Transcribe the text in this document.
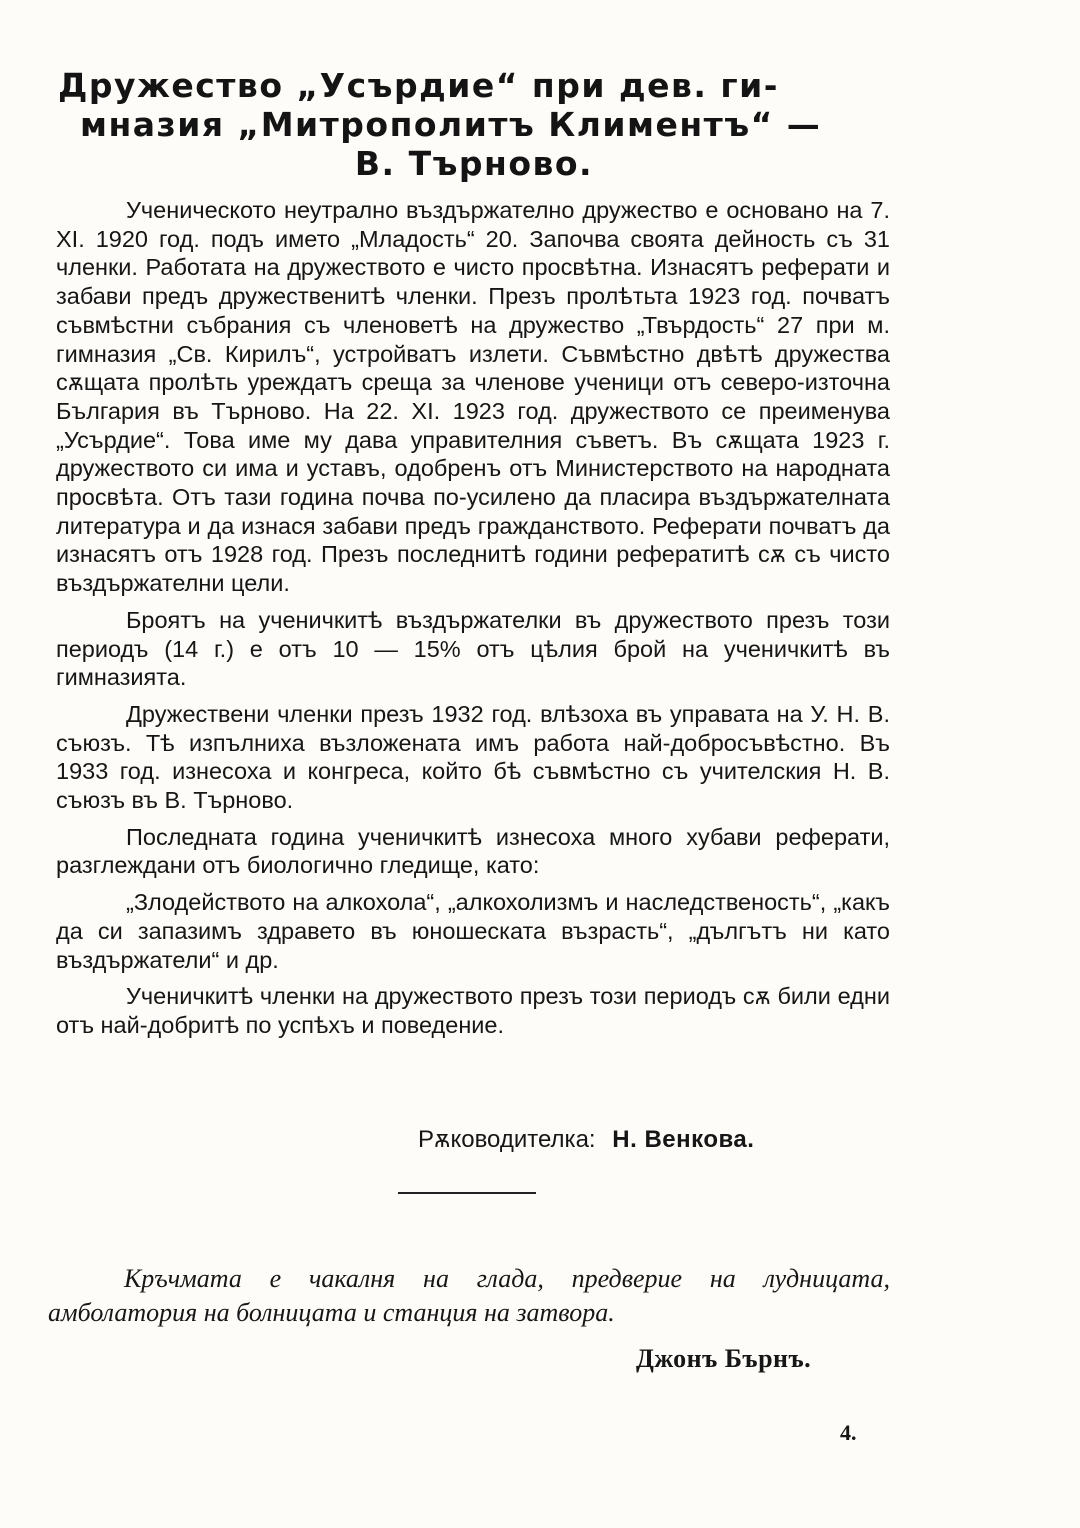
Дружество „Усърдие“ при дев. ги-
мназия „Митрополитъ Климентъ“ —
В. Търново.

Ученическото неутрално въздържателно дружество е основано на 7. XI. 1920 год. подъ името „Младость“ 20. Започва своята дейность съ 31 членки. Работата на дружеството е чисто просвѣтна. Изнасятъ реферати и забави предъ дружественитѣ членки. Презъ пролѣтьта 1923 год. почватъ съвмѣстни събрания съ членоветѣ на дружество „Твърдость“ 27 при м. гимназия „Св. Кирилъ“, устройватъ излети. Съвмѣстно двѣтѣ дружества сѫщата пролѣть уреждатъ среща за членове ученици отъ северо-източна България въ Търново. На 22. XI. 1923 год. дружеството се преименува „Усърдие“. Това име му дава управителния съветъ. Въ сѫщата 1923 г. дружеството си има и уставъ, одобренъ отъ Министерството на народната просвѣта. Отъ тази година почва по-усилено да пласира въздържателната литература и да изнася забави предъ гражданството. Реферати почватъ да изнасятъ отъ 1928 год. Презъ последнитѣ години рефератитѣ сѫ съ чисто въздържателни цели.

Броятъ на ученичкитѣ въздържателки въ дружеството презъ този периодъ (14 г.) е отъ 10 — 15% отъ цѣлия брой на ученичкитѣ въ гимназията.

Дружествени членки презъ 1932 год. влѣзоха въ управата на У. Н. В. съюзъ. Тѣ изпълниха възложената имъ работа най-добросъвѣстно. Въ 1933 год. изнесоха и конгреса, който бѣ съвмѣстно съ учителския Н. В. съюзъ въ В. Търново.

Последната година ученичкитѣ изнесоха много хубави реферати, разглеждани отъ биологично гледище, като:

„Злодейството на алкохола“, „алкохолизмъ и наследственость“, „какъ да си запазимъ здравето въ юношеската възрасть“, „дългътъ ни като въздържатели“ и др.

Ученичкитѣ членки на дружеството презъ този периодъ сѫ били едни отъ най-добритѣ по успѣхъ и поведение.

Рѫководителка: Н. Венкова.

Кръчмата е чакалня на глада, предверие на лудницата, амболатория на болницата и станция на затвора.

Джонъ Бърнъ.
4.
